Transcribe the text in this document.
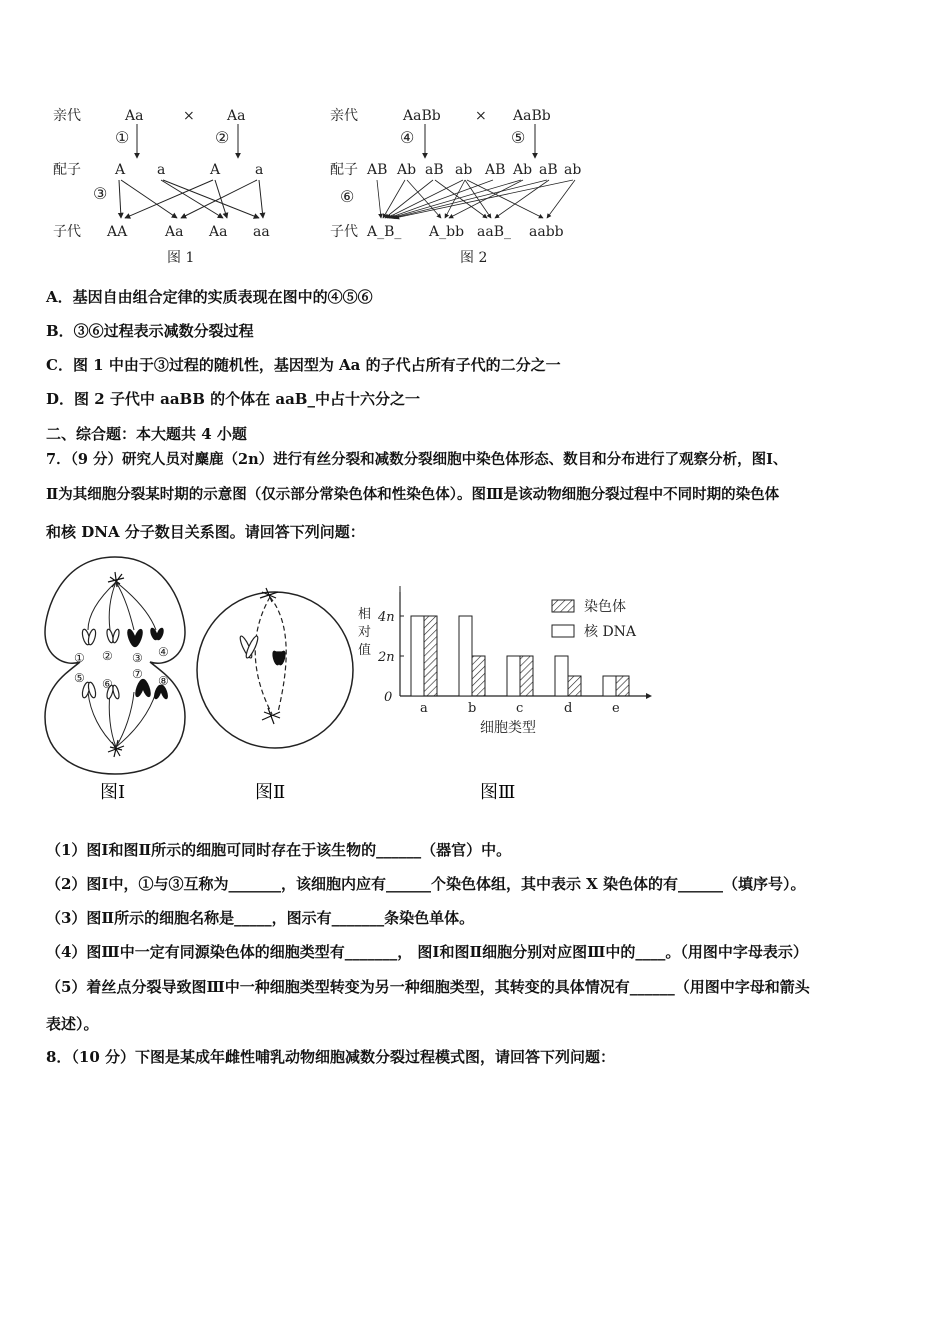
亲代	Aa	× Aa
①	②
配子 A a	A a
③
子代 AA	Aa Aa aa
图 1
亲代	AaBb × AaBb
④	⑤
配子 AB Ab aB ab AB Ab aB ab
⑥
子代 A_B_ A_bb aaB_ aabb
图 2
A．基因自由组合定律的实质表现在图中的④⑤⑥
B．③⑥过程表示减数分裂过程
C．图 1 中由于③过程的随机性，基因型为 Aa 的子代占所有子代的二分之一
D．图 2 子代中 aaBB 的个体在 aaB_中占十六分之一
二、综合题：本大题共 4 小题
7．（9 分）研究人员对麋鹿（2n）进行有丝分裂和减数分裂细胞中染色体形态、数目和分布进行了观察分析，图Ⅰ、
Ⅱ为其细胞分裂某时期的示意图（仅示部分常染色体和性染色体）。图Ⅲ是该动物细胞分裂过程中不同时期的染色体
和核 DNA 分子数目关系图。请回答下列问题：
① ② ③ ④
⑤ ⑥
⑦ ⑧
图Ⅰ	图Ⅱ
相
对
值
0
2n
4n
a	b	c	d	e
细胞类型
染色体
核 DNA
图Ⅲ
（1）图Ⅰ和图Ⅱ所示的细胞可同时存在于该生物的______（器官）中。
（2）图Ⅰ中，①与③互称为_______，该细胞内应有______个染色体组，其中表示 X 染色体的有______（填序号）。
（3）图Ⅱ所示的细胞名称是_____，图示有_______条染色单体。
（4）图Ⅲ中一定有同源染色体的细胞类型有_______， 图Ⅰ和图Ⅱ细胞分别对应图Ⅲ中的____。（用图中字母表示）
（5）着丝点分裂导致图Ⅲ中一种细胞类型转变为另一种细胞类型，其转变的具体情况有______（用图中字母和箭头
表述）。
8．（10 分）下图是某成年雌性哺乳动物细胞减数分裂过程模式图，请回答下列问题：
